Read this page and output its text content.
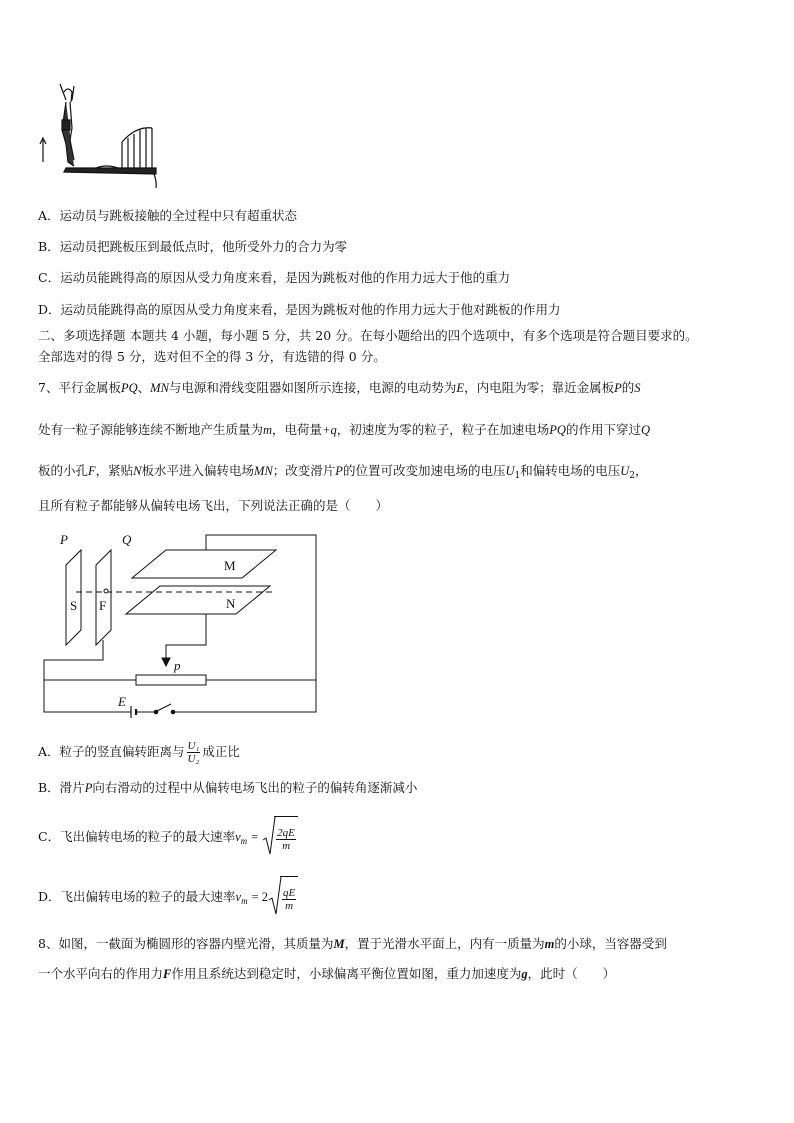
A．运动员与跳板接触的全过程中只有超重状态
B．运动员把跳板压到最低点时，他所受外力的合力为零
C．运动员能跳得高的原因从受力角度来看，是因为跳板对他的作用力远大于他的重力
D．运动员能跳得高的原因从受力角度来看，是因为跳板对他的作用力远大于他对跳板的作用力
二、多项选择题 本题共 4 小题，每小题 5 分，共 20 分。在每小题给出的四个选项中，有多个选项是符合题目要求的。
全部选对的得 5 分，选对但不全的得 3 分，有选错的得 0 分。
7、平行金属板PQ、MN与电源和滑线变阻器如图所示连接，电源的电动势为E，内电阻为零；靠近金属板P的S
处有一粒子源能够连续不断地产生质量为m，电荷量+q，初速度为零的粒子，粒子在加速电场PQ的作用下穿过Q
板的小孔F，紧贴N板水平进入偏转电场MN；改变滑片P的位置可改变加速电场的电压$U_1$和偏转电场的电压$U_2$，
且所有粒子都能够从偏转电场飞出，下列说法正确的是（　　）
P	Q
M
N
S F
p
E
A．粒子的竖直偏转距离与 $\frac{\text{U₁}}{\text{U₂}}$ 成正比
B．滑片P向右滑动的过程中从偏转电场飞出的粒子的偏转角逐渐减小
C．飞出偏转电场的粒子的最大速率$v_m = \frac{2qE}{m}$
D．飞出偏转电场的粒子的最大速率$v_m = 2 \frac{qE}{m}$
8、如图，一截面为椭圆形的容器内壁光滑，其质量为M，置于光滑水平面上，内有一质量为m的小球，当容器受到
一个水平向右的作用力F作用且系统达到稳定时，小球偏离平衡位置如图，重力加速度为g，此时（　　）
